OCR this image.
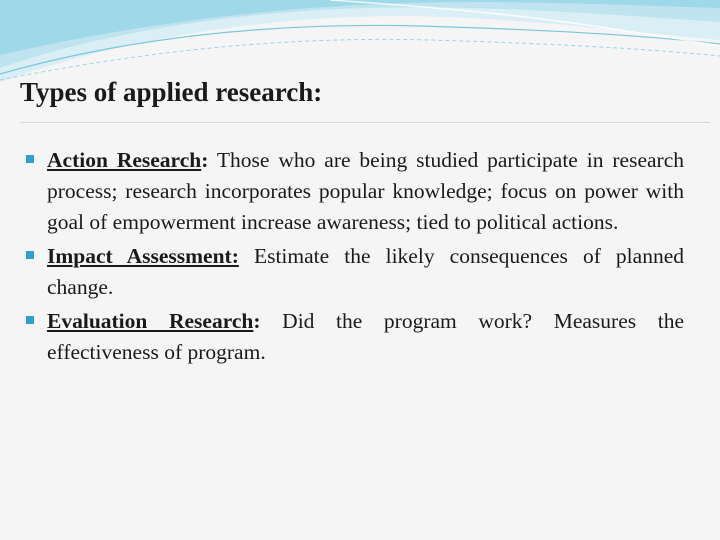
Types of applied research:
Action Research: Those who are being studied participate in research process; research incorporates popular knowledge; focus on power with goal of empowerment increase awareness; tied to political actions.
Impact Assessment: Estimate the likely consequences of planned change.
Evaluation Research: Did the program work? Measures the effectiveness of program.
